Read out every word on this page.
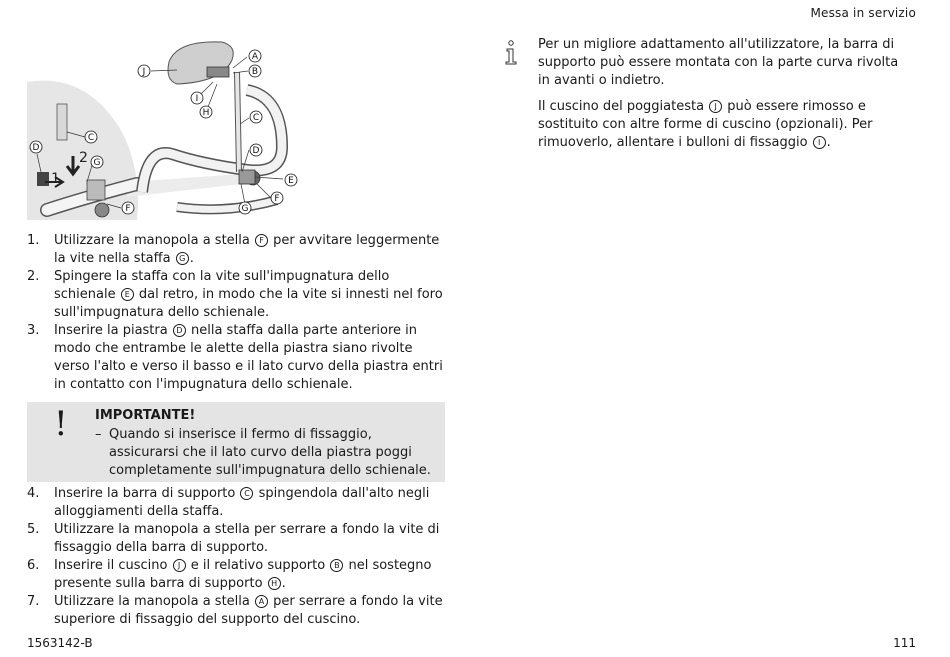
Messa in servizio
1
2
A
B
C
D
E
F
G
H
I
J
C
G
D
F
1. Utilizzare la manopola a stella F per avvitare leggermente la vite nella staffa G .
2. Spingere la staffa con la vite sull'impugnatura dello schienale E dal retro, in modo che la vite si innesti nel foro sull'impugnatura dello schienale.
3. Inserire la piastra D nella staffa dalla parte anteriore in modo che entrambe le alette della piastra siano rivolte verso l'alto e verso il basso e il lato curvo della piastra entri in contatto con l'impugnatura dello schienale.
! IMPORTANTE!
– Quando si inserisce il fermo di fissaggio, assicurarsi che il lato curvo della piastra poggi completamente sull'impugnatura dello schienale.
4. Inserire la barra di supporto C spingendola dall'alto negli alloggiamenti della staffa.
5. Utilizzare la manopola a stella per serrare a fondo la vite di fissaggio della barra di supporto.
6. Inserire il cuscino J e il relativo supporto B nel sostegno presente sulla barra di supporto H .
7. Utilizzare la manopola a stella A per serrare a fondo la vite superiore di fissaggio del supporto del cuscino.

Per un migliore adattamento all'utilizzatore, la barra di supporto può essere montata con la parte curva rivolta in avanti o indietro.

Il cuscino del poggiatesta J può essere rimosso e sostituito con altre forme di cuscino (opzionali). Per rimuoverlo, allentare i bulloni di fissaggio I .

1563142-B	111
